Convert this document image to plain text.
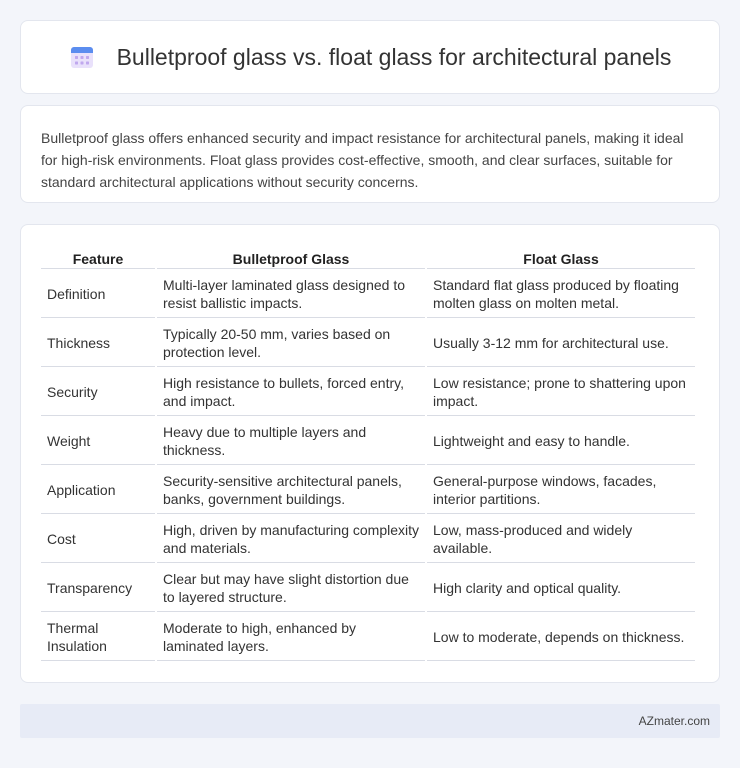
Bulletproof glass vs. float glass for architectural panels

Bulletproof glass offers enhanced security and impact resistance for architectural panels, making it ideal for high-risk environments. Float glass provides cost-effective, smooth, and clear surfaces, suitable for standard architectural applications without security concerns.

Feature	Bulletproof Glass	Float Glass
Definition	Multi-layer laminated glass designed to resist ballistic impacts.	Standard flat glass produced by floating molten glass on molten metal.
Thickness	Typically 20-50 mm, varies based on protection level.	Usually 3-12 mm for architectural use.
Security	High resistance to bullets, forced entry, and impact.	Low resistance; prone to shattering upon impact.
Weight	Heavy due to multiple layers and thickness.	Lightweight and easy to handle.
Application	Security-sensitive architectural panels, banks, government buildings.	General-purpose windows, facades, interior partitions.
Cost	High, driven by manufacturing complexity and materials.	Low, mass-produced and widely available.
Transparency	Clear but may have slight distortion due to layered structure.	High clarity and optical quality.
Thermal Insulation	Moderate to high, enhanced by laminated layers.	Low to moderate, depends on thickness.
AZmater.com
